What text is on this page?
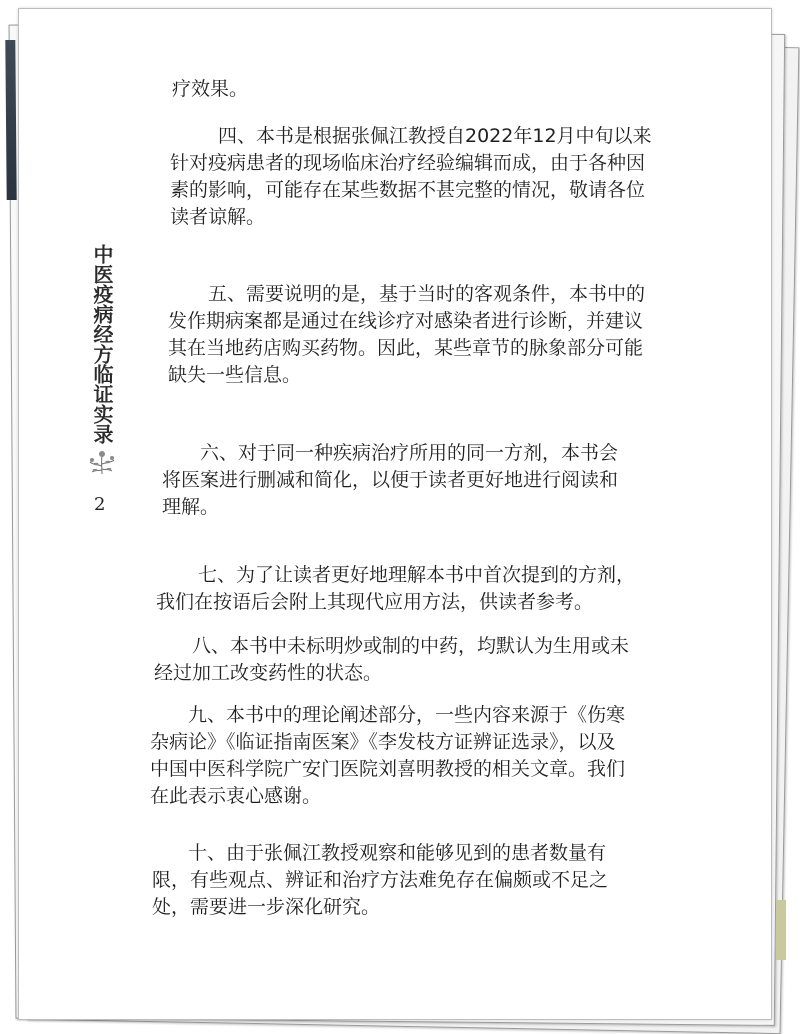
中医疫病经方临证实录
2
疗效果。
四、本书是根据张佩江教授自2022年12月中旬以来
针对疫病患者的现场临床治疗经验编辑而成，由于各种因
素的影响，可能存在某些数据不甚完整的情况，敬请各位
读者谅解。
五、需要说明的是，基于当时的客观条件，本书中的
发作期病案都是通过在线诊疗对感染者进行诊断，并建议
其在当地药店购买药物。因此，某些章节的脉象部分可能
缺失一些信息。
六、对于同一种疾病治疗所用的同一方剂，本书会
将医案进行删减和简化，以便于读者更好地进行阅读和
理解。
七、为了让读者更好地理解本书中首次提到的方剂，
我们在按语后会附上其现代应用方法，供读者参考。
八、本书中未标明炒或制的中药，均默认为生用或未
经过加工改变药性的状态。
九、本书中的理论阐述部分，一些内容来源于《伤寒
杂病论》《临证指南医案》《李发枝方证辨证选录》，以及
中国中医科学院广安门医院刘喜明教授的相关文章。我们
在此表示衷心感谢。
十、由于张佩江教授观察和能够见到的患者数量有
限，有些观点、辨证和治疗方法难免存在偏颇或不足之
处，需要进一步深化研究。
